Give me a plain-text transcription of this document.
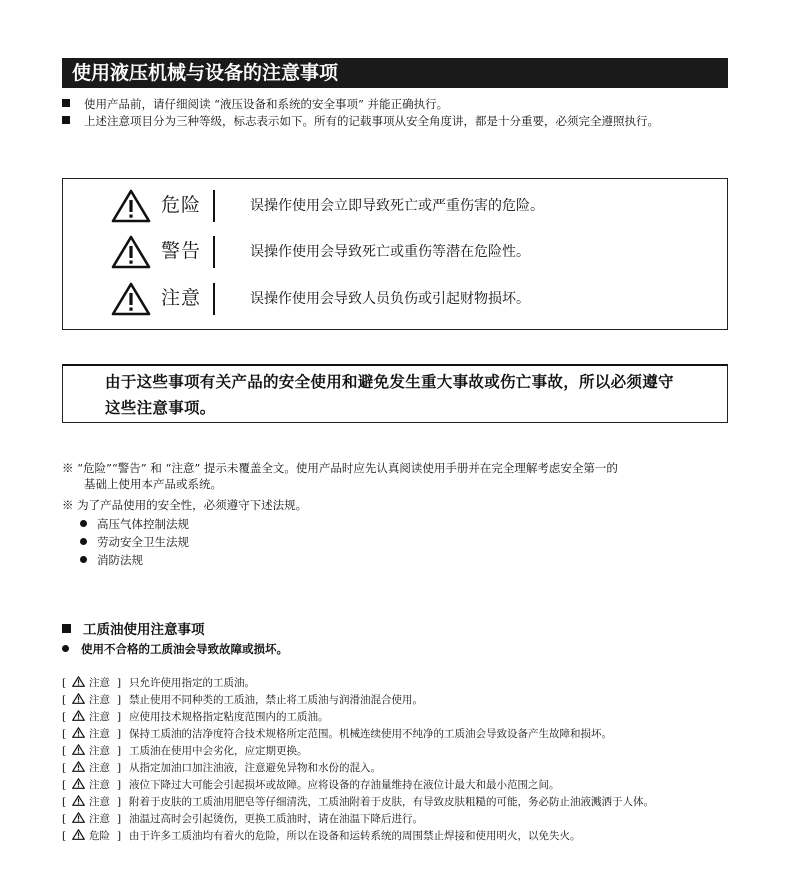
使用液压机械与设备的注意事项
使用产品前，请仔细阅读 “液压设备和系统的安全事项” 并能正确执行。
上述注意项目分为三种等级，标志表示如下。所有的记载事项从安全角度讲，都是十分重要，必须完全遵照执行。
危险	误操作使用会立即导致死亡或严重伤害的危险。
警告	误操作使用会导致死亡或重伤等潜在危险性。
注意	误操作使用会导致人员负伤或引起财物损坏。
由于这些事项有关产品的安全使用和避免发生重大事故或伤亡事故，所以必须遵守
这些注意事项。
※ “危险”“警告” 和 “注意” 提示未覆盖全文。使用产品时应先认真阅读使用手册并在完全理解考虑安全第一的
基础上使用本产品或系统。
※ 为了产品使用的安全性，必须遵守下述法规。
高压气体控制法规
劳动安全卫生法规
消防法规
工质油使用注意事项
使用不合格的工质油会导致故障或损坏。
[ 注意 ] 只允许使用指定的工质油。
[ 注意 ] 禁止使用不同种类的工质油，禁止将工质油与润滑油混合使用。
[ 注意 ] 应使用技术规格指定粘度范围内的工质油。
[ 注意 ] 保持工质油的洁净度符合技术规格所定范围。机械连续使用不纯净的工质油会导致设备产生故障和损坏。
[ 注意 ] 工质油在使用中会劣化，应定期更换。
[ 注意 ] 从指定加油口加注油液，注意避免异物和水份的混入。
[ 注意 ] 液位下降过大可能会引起损坏或故障。应将设备的存油量维持在液位计最大和最小范围之间。
[ 注意 ] 附着于皮肤的工质油用肥皂等仔细清洗，工质油附着于皮肤，有导致皮肤粗糙的可能，务必防止油液溅洒于人体。
[ 注意 ] 油温过高时会引起烫伤，更换工质油时，请在油温下降后进行。
[ 危险 ] 由于许多工质油均有着火的危险，所以在设备和运转系统的周围禁止焊接和使用明火，以免失火。
